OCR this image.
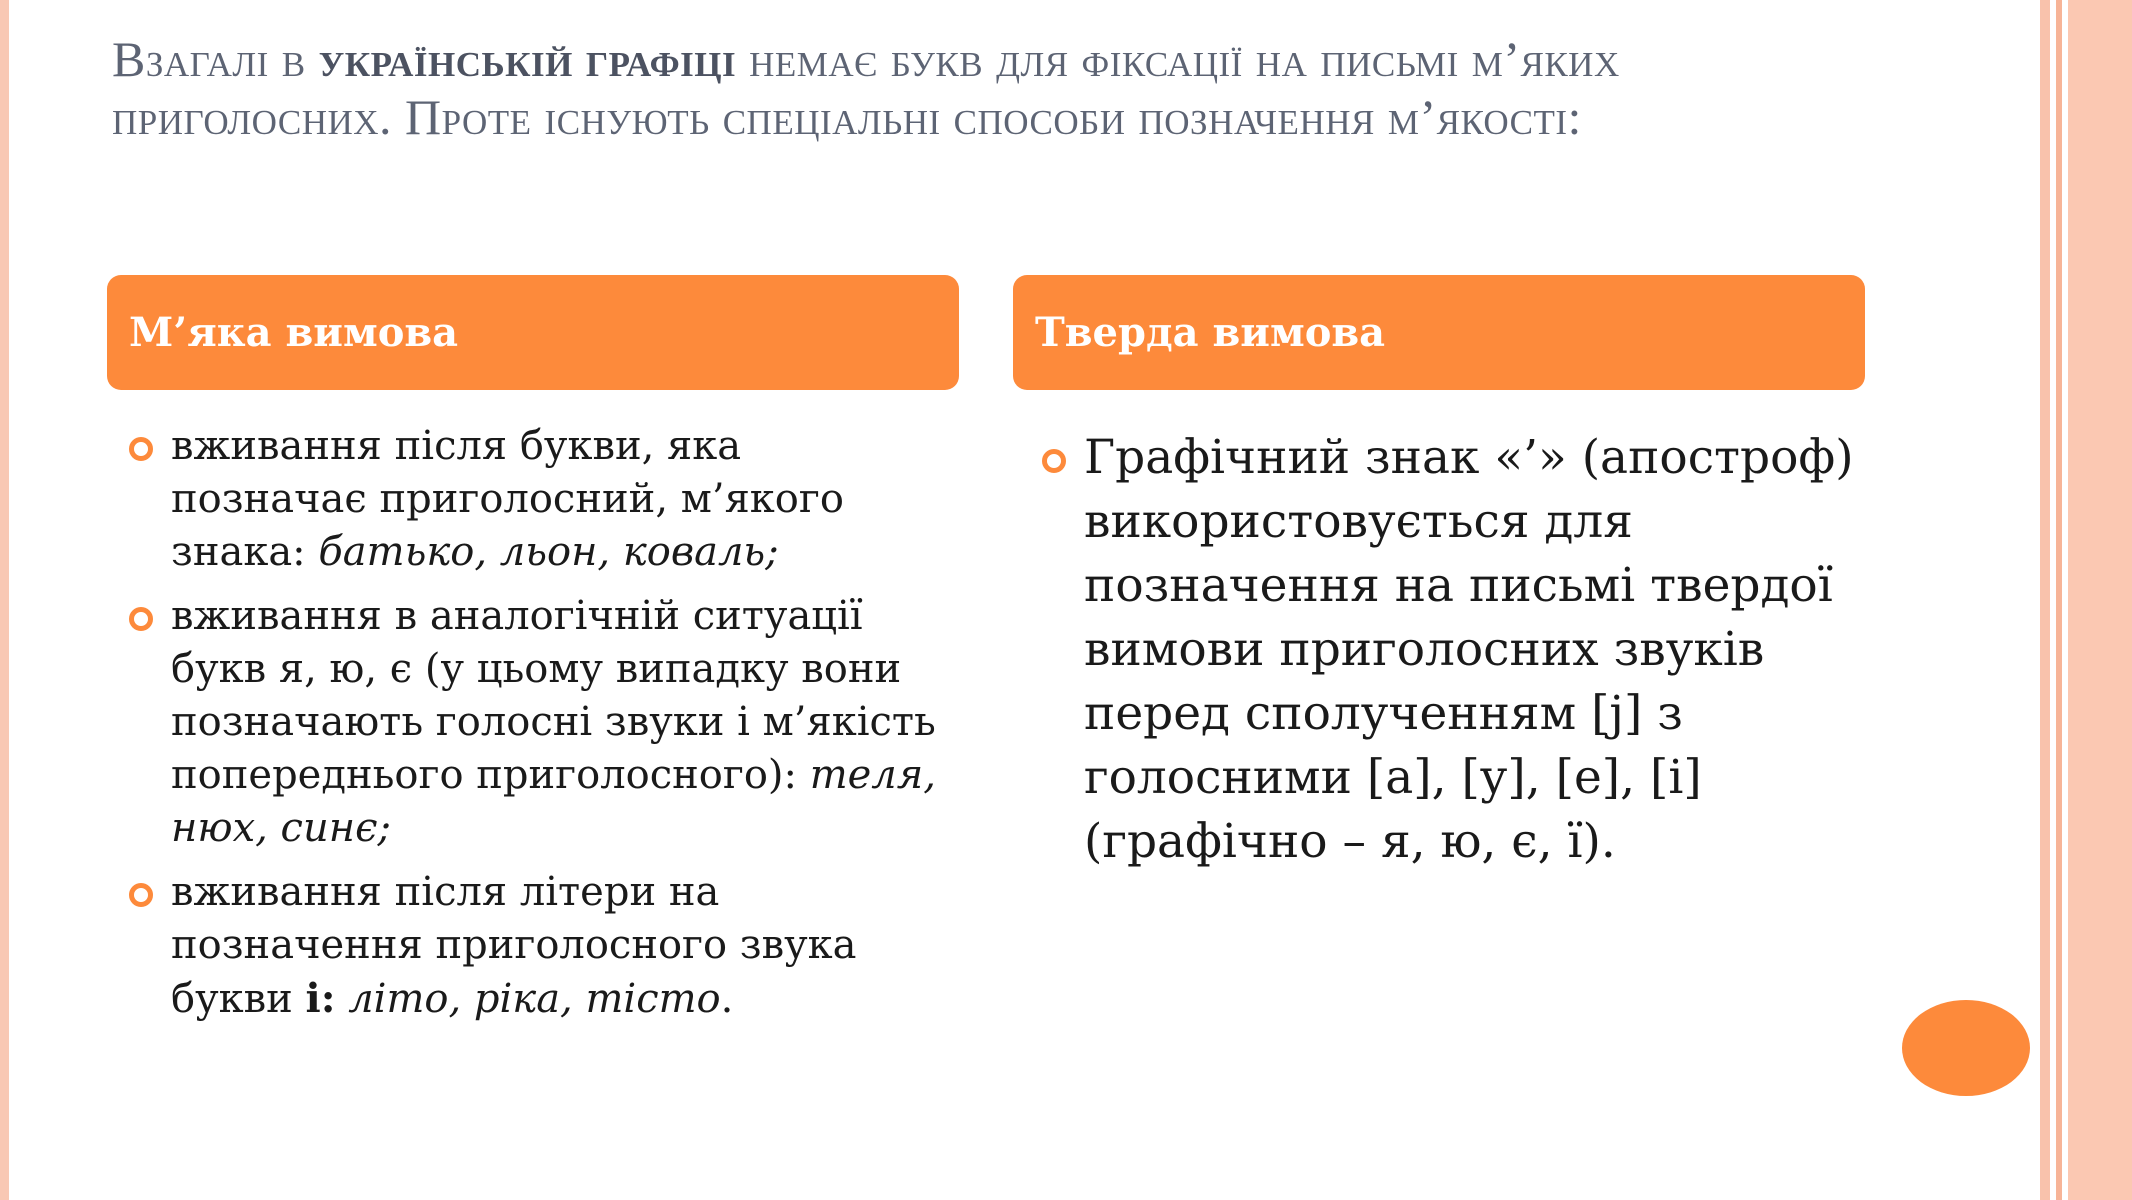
Взагалі в українській графіці немає букв для фіксації на письмі м’яких приголосних. Проте існують спеціальні способи позначення м’якості:
М’яка вимова	Тверда вимова
вживання після букви, яка позначає приголосний, м’якого знака: батько, льон, коваль;
вживання в аналогічній ситуації букв я, ю, є (у цьому випадку вони позначають голосні звуки і м’якість попереднього приголосного): теля, нюх, синє;
вживання після літери на позначення приголосного звука букви і: літо, ріка, тісто.
Графічний знак «’» (апостроф) використовується для позначення на письмі твердої вимови приголосних звуків перед сполученням [j] з голосними [а], [у], [е], [і] (графічно – я, ю, є, ї).
